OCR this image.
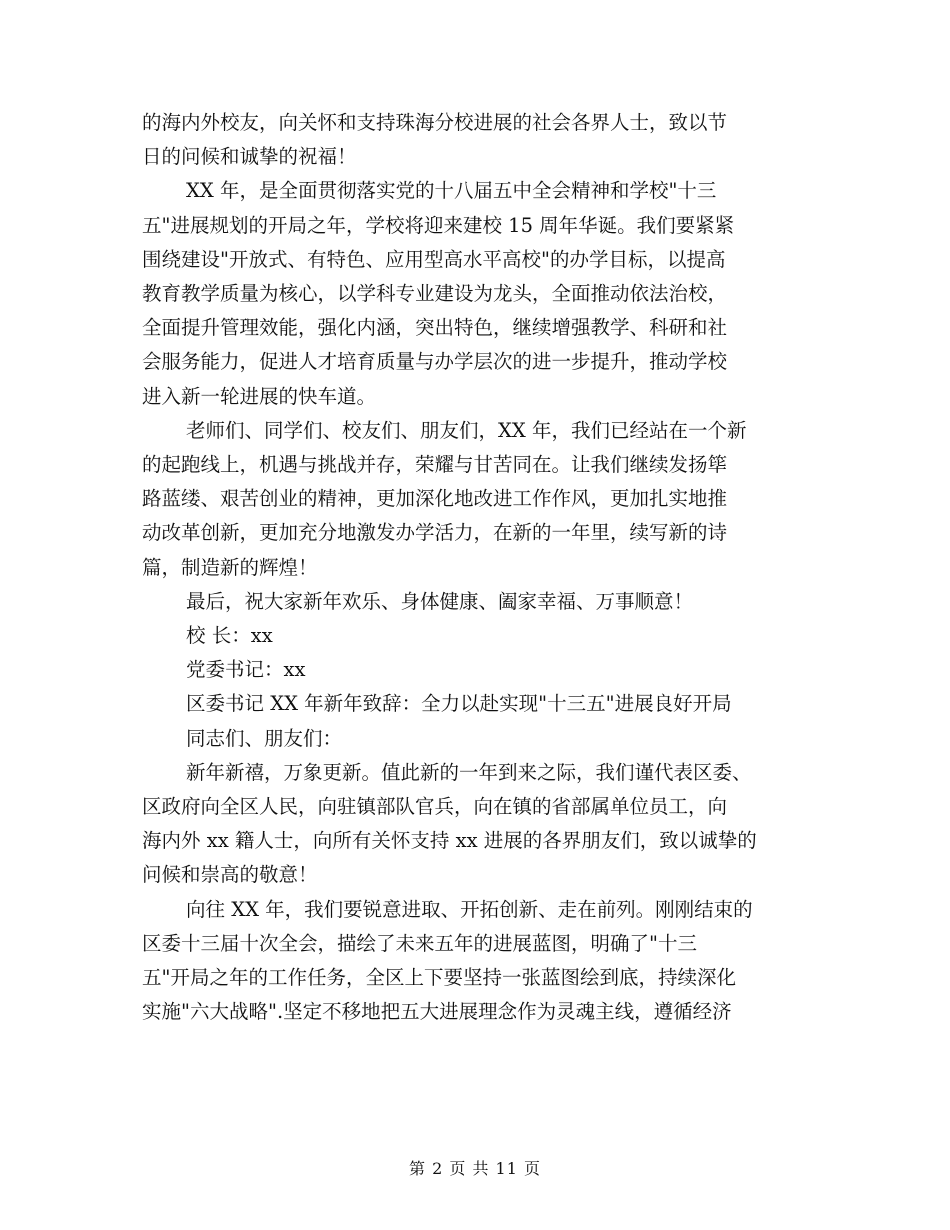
的海内外校友，向关怀和支持珠海分校进展的社会各界人士，致以节
日的问候和诚挚的祝福！

XX 年，是全面贯彻落实党的十八届五中全会精神和学校"十三
五"进展规划的开局之年，学校将迎来建校 15 周年华诞。我们要紧紧
围绕建设"开放式、有特色、应用型高水平高校"的办学目标，以提高
教育教学质量为核心，以学科专业建设为龙头，全面推动依法治校，
全面提升管理效能，强化内涵，突出特色，继续增强教学、科研和社
会服务能力，促进人才培育质量与办学层次的进一步提升，推动学校
进入新一轮进展的快车道。

老师们、同学们、校友们、朋友们，XX 年，我们已经站在一个新
的起跑线上，机遇与挑战并存，荣耀与甘苦同在。让我们继续发扬筚
路蓝缕、艰苦创业的精神，更加深化地改进工作作风，更加扎实地推
动改革创新，更加充分地激发办学活力，在新的一年里，续写新的诗
篇，制造新的辉煌！

最后，祝大家新年欢乐、身体健康、阖家幸福、万事顺意！

校 长：xx

党委书记：xx

区委书记 XX 年新年致辞：全力以赴实现"十三五"进展良好开局

同志们、朋友们：

新年新禧，万象更新。值此新的一年到来之际，我们谨代表区委、
区政府向全区人民，向驻镇部队官兵，向在镇的省部属单位员工，向
海内外 xx 籍人士，向所有关怀支持 xx 进展的各界朋友们，致以诚挚的
问候和崇高的敬意！

向往 XX 年，我们要锐意进取、开拓创新、走在前列。刚刚结束的
区委十三届十次全会，描绘了未来五年的进展蓝图，明确了"十三
五"开局之年的工作任务，全区上下要坚持一张蓝图绘到底，持续深化
实施"六大战略".坚定不移地把五大进展理念作为灵魂主线，遵循经济

第 2 页 共 11 页
